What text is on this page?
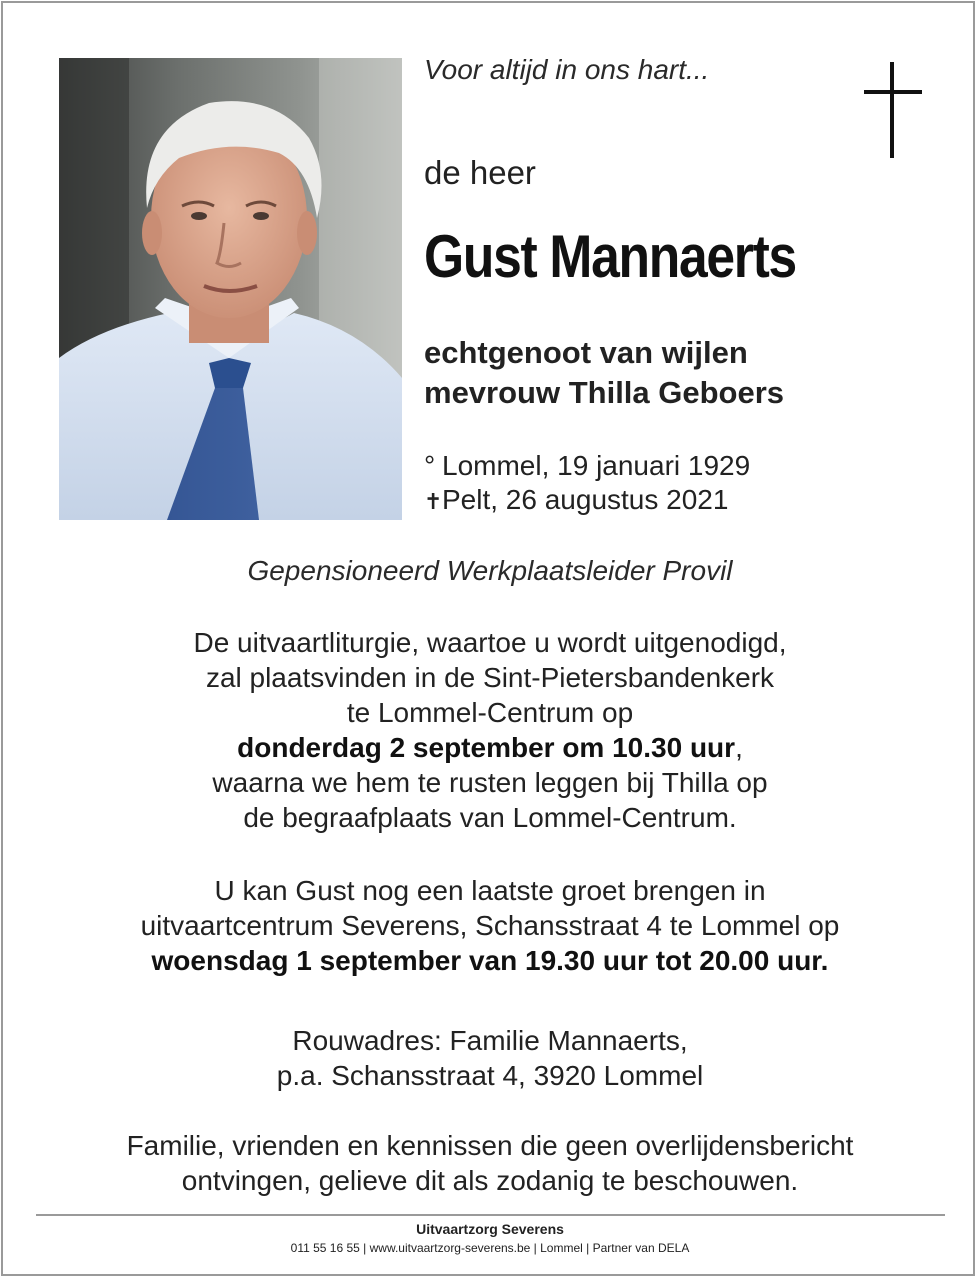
Voor altijd in ons hart...
de heer
Gust Mannaerts
echtgenoot van wijlen
mevrouw Thilla Geboers
° Lommel, 19 januari 1929
✝Pelt, 26 augustus 2021
Gepensioneerd Werkplaatsleider Provil
De uitvaartliturgie, waartoe u wordt uitgenodigd,
zal plaatsvinden in de Sint-Pietersbandenkerk
te Lommel-Centrum op
donderdag 2 september om 10.30 uur,
waarna we hem te rusten leggen bij Thilla op
de begraafplaats van Lommel-Centrum.
U kan Gust nog een laatste groet brengen in
uitvaartcentrum Severens, Schansstraat 4 te Lommel op
woensdag 1 september van 19.30 uur tot 20.00 uur.
Rouwadres: Familie Mannaerts,
p.a. Schansstraat 4, 3920 Lommel
Familie, vrienden en kennissen die geen overlijdensbericht
ontvingen, gelieve dit als zodanig te beschouwen.
Uitvaartzorg Severens
011 55 16 55 | www.uitvaartzorg-severens.be | Lommel | Partner van DELA
